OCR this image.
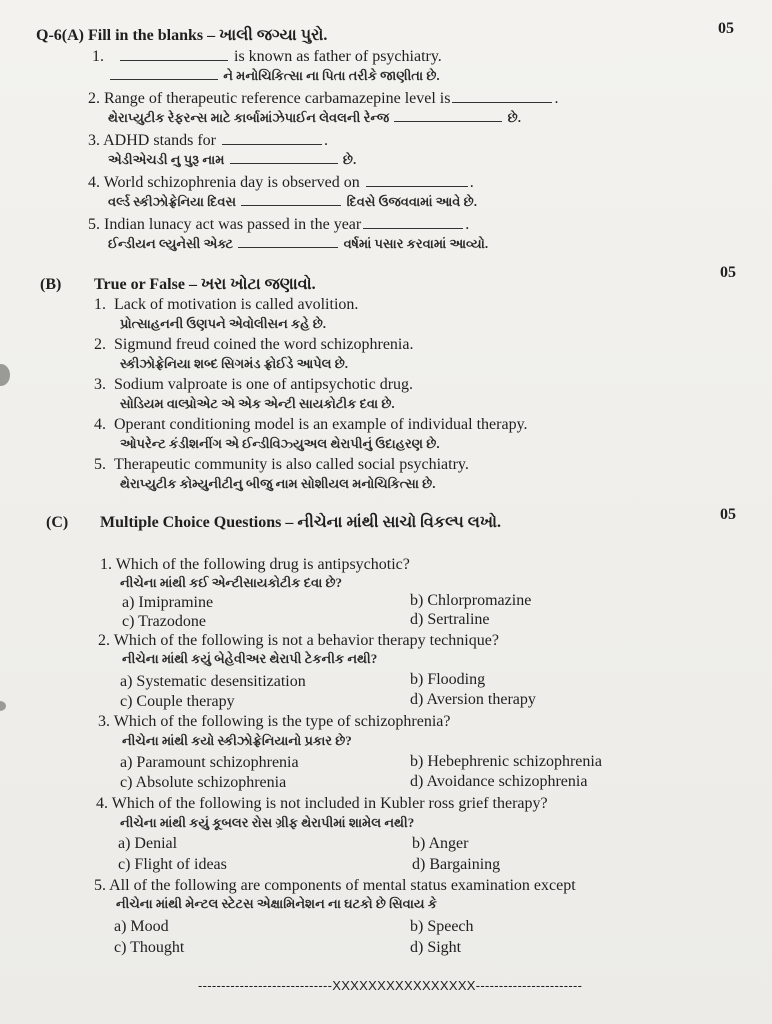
Q-6(A) Fill in the blanks – ખાલી જગ્યા પુરો.	05
1.	is known as father of psychiatry.
ને મનોચિકિત્સા ના પિતા તરીકે જાણીતા છે.
2. Range of therapeutic reference carbamazepine level is	.
થેરાપ્યુટીક રેફરન્સ માટે કાર્બામાંઝેપાઈન લેવલની રેન્જ	છે.
3. ADHD stands for	.
એડીએચડી નુ પુરૂ નામ	છે.
4. World schizophrenia day is observed on	.
વર્લ્ડ સ્કીઝોફ્રેનિયા દિવસ	દિવસે ઉજવવામાં આવે છે.
5. Indian lunacy act was passed in the year	.
ઈન્ડીયન લ્યુનેસી એક્ટ	વર્ષમાં પસાર કરવામાં આવ્યો.
(B) True or False – ખરા ખોટા જણાવો.
05
1. Lack of motivation is called avolition.
પ્રોત્સાહનની ઉણપને એવોલીસન કહે છે.
2. Sigmund freud coined the word schizophrenia.
સ્કીઝોફ્રેનિયા શબ્દ સિગમંડ ફ્રોઈડે આપેલ છે.
3. Sodium valproate is one of antipsychotic drug.
સોડિયમ વાલ્પ્રોએટ એ એક એન્ટી સાયકોટીક દવા છે.
4. Operant conditioning model is an example of individual therapy.
ઓપરેન્ટ કંડીશનીંગ એ ઈન્ડીવિઝ્યુઅલ થેરાપીનું ઉદાહરણ છે.
5. Therapeutic community is also called social psychiatry.
થેરાપ્યુટીક કોમ્યુનીટીનુ બીજુ નામ સોશીયલ મનોચિકિત્સા છે.
(C) Multiple Choice Questions – નીચેના માંથી સાચો વિકલ્પ લખો.	05
1. Which of the following drug is antipsychotic?
નીચેના માંથી કઈ એન્ટીસાયકોટીક દવા છે?
a) Imipramine	b) Chlorpromazine
c) Trazodone	d) Sertraline
2. Which of the following is not a behavior therapy technique?
નીચેના માંથી કયું બેહેવીઅર થેરાપી ટેકનીક નથી?
a) Systematic desensitization	b) Flooding
c) Couple therapy	d) Aversion therapy
3. Which of the following is the type of schizophrenia?
નીચેના માંથી કયો સ્કીઝોફ્રેનિયાનો પ્રકાર છે?
a) Paramount schizophrenia	b) Hebephrenic schizophrenia
c) Absolute schizophrenia	d) Avoidance schizophrenia
4. Which of the following is not included in Kubler ross grief therapy?
નીચેના માંથી કયું કૂબલર રોસ ગ્રીફ થેરાપીમાં શામેલ નથી?
a) Denial	b) Anger
c) Flight of ideas	d) Bargaining
5. All of the following are components of mental status examination except
નીચેના માંથી મેન્ટલ સ્ટેટસ એક્ષામિનેશન ના ઘટકો છે સિવાય કે
a) Mood	b) Speech
c) Thought	d) Sight
-----------------------------XXXXXXXXXXXXXXXX-----------------------
